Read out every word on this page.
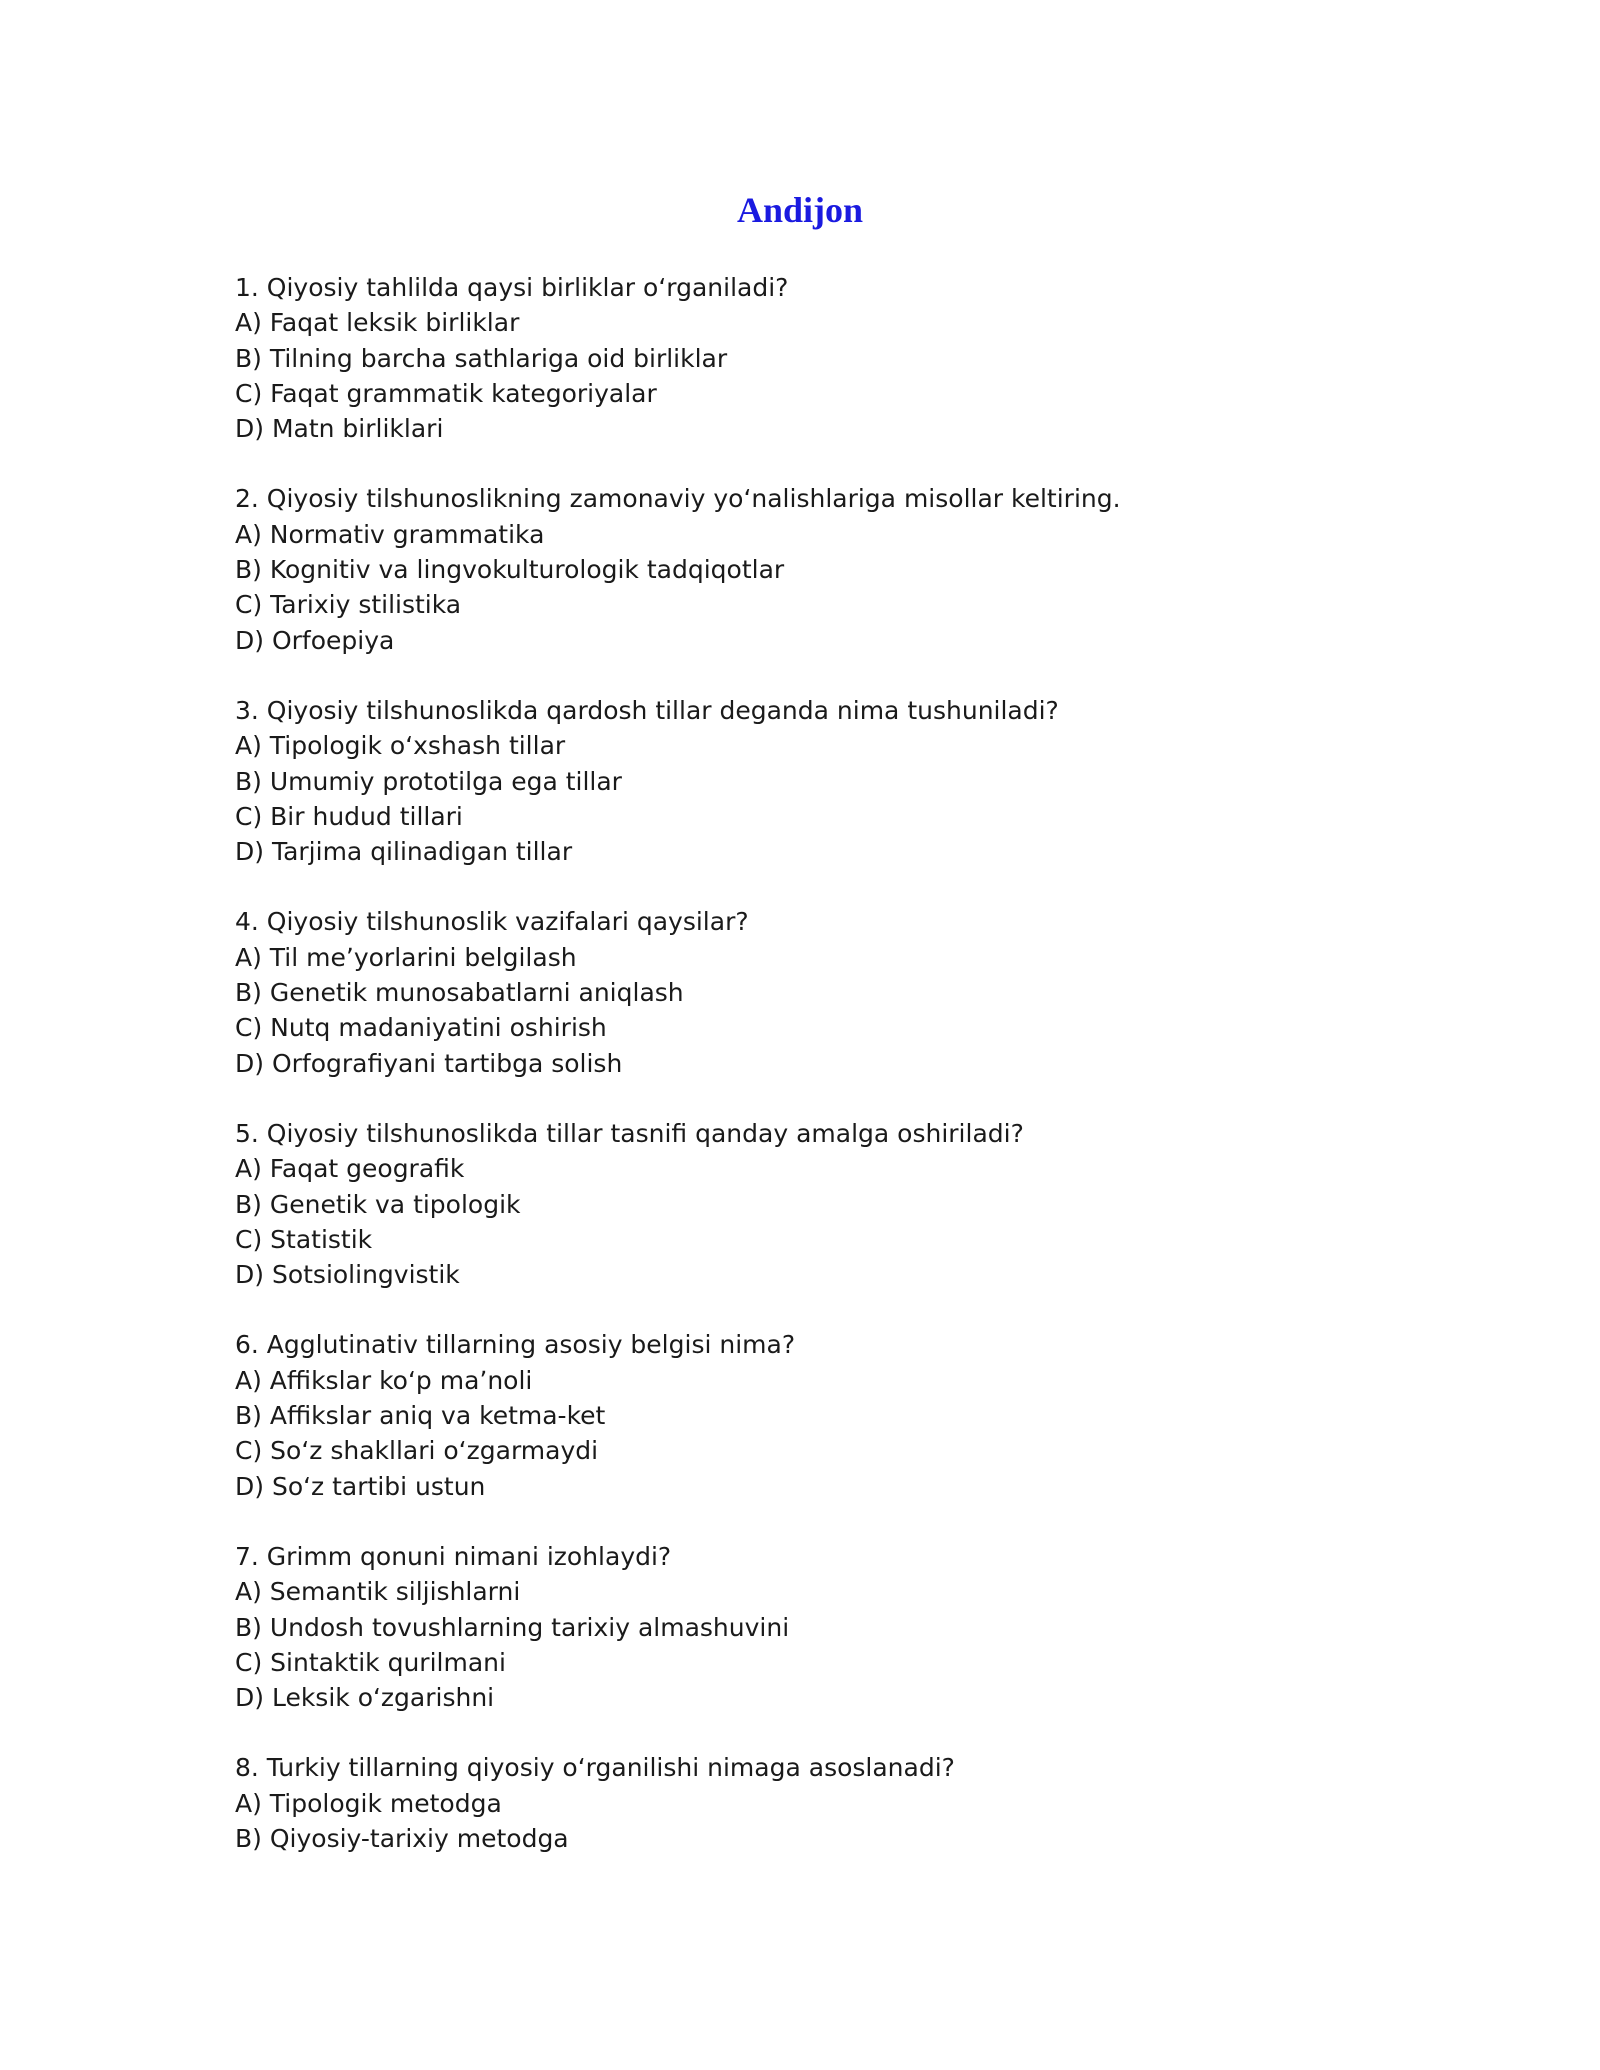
Andijon
1. Qiyosiy tahlilda qaysi birliklar oʻrganiladi?
A) Faqat leksik birliklar
B) Tilning barcha sathlariga oid birliklar
C) Faqat grammatik kategoriyalar
D) Matn birliklari
2. Qiyosiy tilshunoslikning zamonaviy yoʻnalishlariga misollar keltiring.
A) Normativ grammatika
B) Kognitiv va lingvokulturologik tadqiqotlar
C) Tarixiy stilistika
D) Orfoepiya
3. Qiyosiy tilshunoslikda qardosh tillar deganda nima tushuniladi?
A) Tipologik oʻxshash tillar
B) Umumiy prototilga ega tillar
C) Bir hudud tillari
D) Tarjima qilinadigan tillar
4. Qiyosiy tilshunoslik vazifalari qaysilar?
A) Til meʼyorlarini belgilash
B) Genetik munosabatlarni aniqlash
C) Nutq madaniyatini oshirish
D) Orfografiyani tartibga solish
5. Qiyosiy tilshunoslikda tillar tasnifi qanday amalga oshiriladi?
A) Faqat geografik
B) Genetik va tipologik
C) Statistik
D) Sotsiolingvistik
6. Agglutinativ tillarning asosiy belgisi nima?
A) Affikslar koʻp maʼnoli
B) Affikslar aniq va ketma-ket
C) Soʻz shakllari oʻzgarmaydi
D) Soʻz tartibi ustun
7. Grimm qonuni nimani izohlaydi?
A) Semantik siljishlarni
B) Undosh tovushlarning tarixiy almashuvini
C) Sintaktik qurilmani
D) Leksik oʻzgarishni
8. Turkiy tillarning qiyosiy oʻrganilishi nimaga asoslanadi?
A) Tipologik metodga
B) Qiyosiy-tarixiy metodga
